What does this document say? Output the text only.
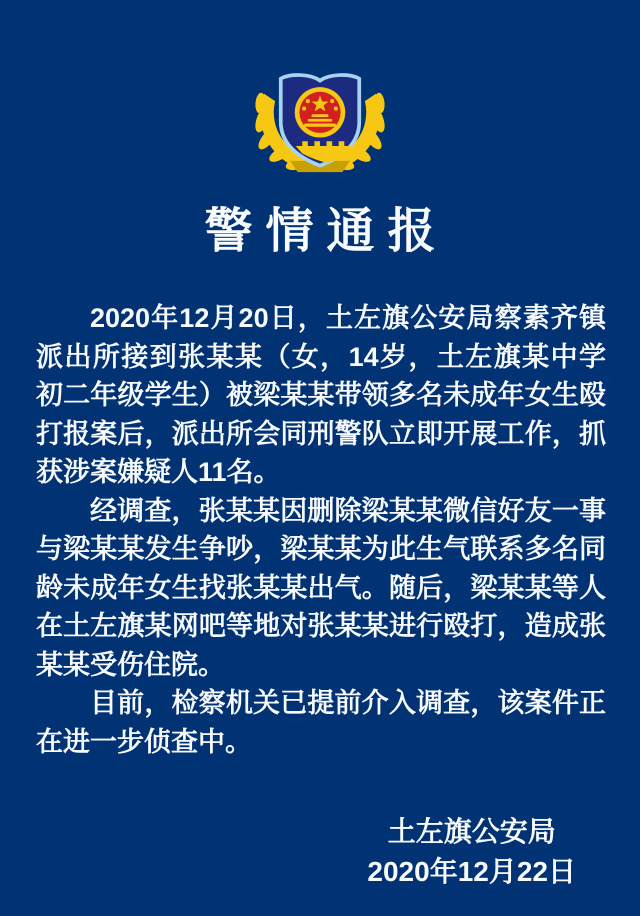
警情通报

2020年12月20日，土左旗公安局察素齐镇派出所接到张某某（女，14岁，土左旗某中学初二年级学生）被梁某某带领多名未成年女生殴打报案后，派出所会同刑警队立即开展工作，抓获涉案嫌疑人11名。

经调查，张某某因删除梁某某微信好友一事与梁某某发生争吵，梁某某为此生气联系多名同龄未成年女生找张某某出气。随后，梁某某等人在土左旗某网吧等地对张某某进行殴打，造成张某某受伤住院。

目前，检察机关已提前介入调查，该案件正在进一步侦查中。

土左旗公安局
2020年12月22日
